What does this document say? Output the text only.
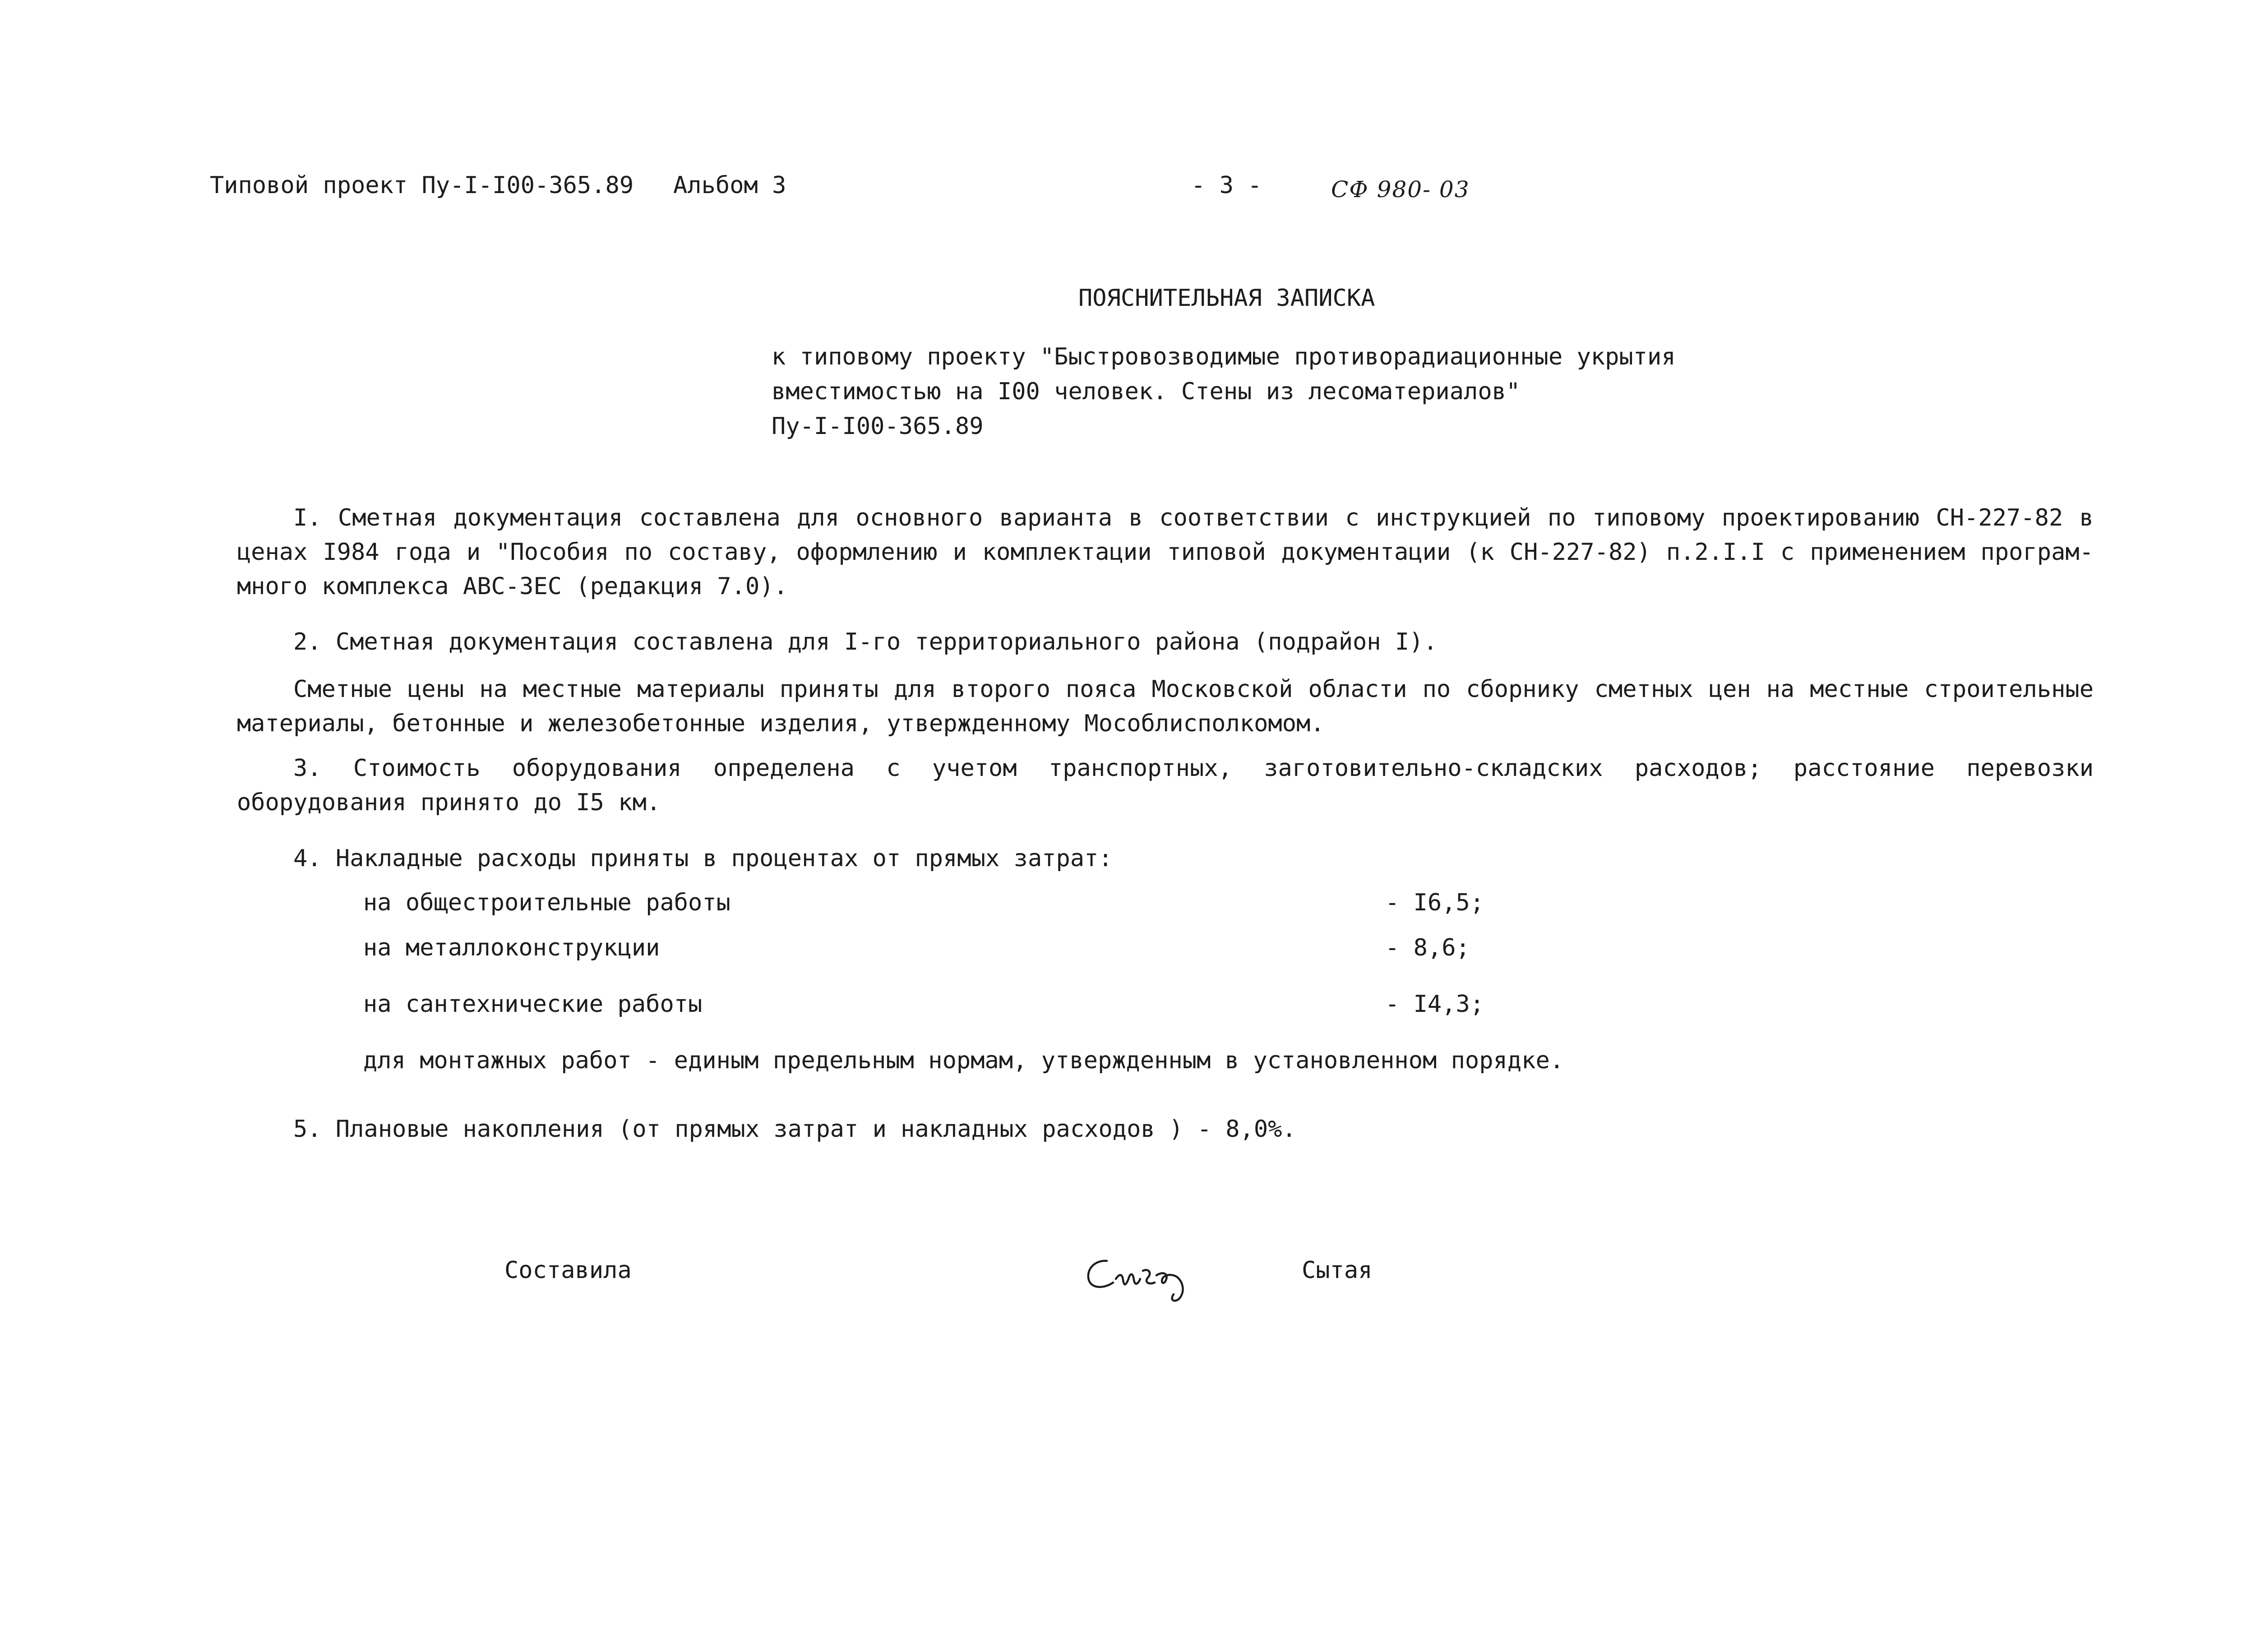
Типовой проект Пу-I-I00-365.89 Альбом 3	- 3 -	СФ 980- 03
ПОЯСНИТЕЛЬНАЯ ЗАПИСКА
к типовому проекту "Быстровозводимые противорадиационные укрытия
вместимостью на I00 человек. Стены из лесоматериалов"
Пу-I-I00-365.89
I. Сметная документация составлена для основного варианта в соответствии с инструкцией по типовому проектированию СН-227-82 в ценах I984 года и "Пособия по составу, оформлению и комплектации типовой документации (к СН-227-82) п.2.I.I с применением програм-много комплекса АВС-3ЕС (редакция 7.0).
2. Сметная документация составлена для I-го территориального района (подрайон I).
Сметные цены на местные материалы приняты для второго пояса Московской области по сборнику сметных цен на местные строительные материалы, бетонные и железобетонные изделия, утвержденному Мособлисполкомом.
3. Стоимость оборудования определена с учетом транспортных, заготовительно-складских расходов; расстояние перевозки оборудования принято до I5 км.
4. Накладные расходы приняты в процентах от прямых затрат:
на общестроительные работы	- I6,5;
на металлоконструкции	- 8,6;
на сантехнические работы	- I4,3;
для монтажных работ - единым предельным нормам, утвержденным в установленном порядке.
5. Плановые накопления (от прямых затрат и накладных расходов ) - 8,0%.
Составила	Сытая
